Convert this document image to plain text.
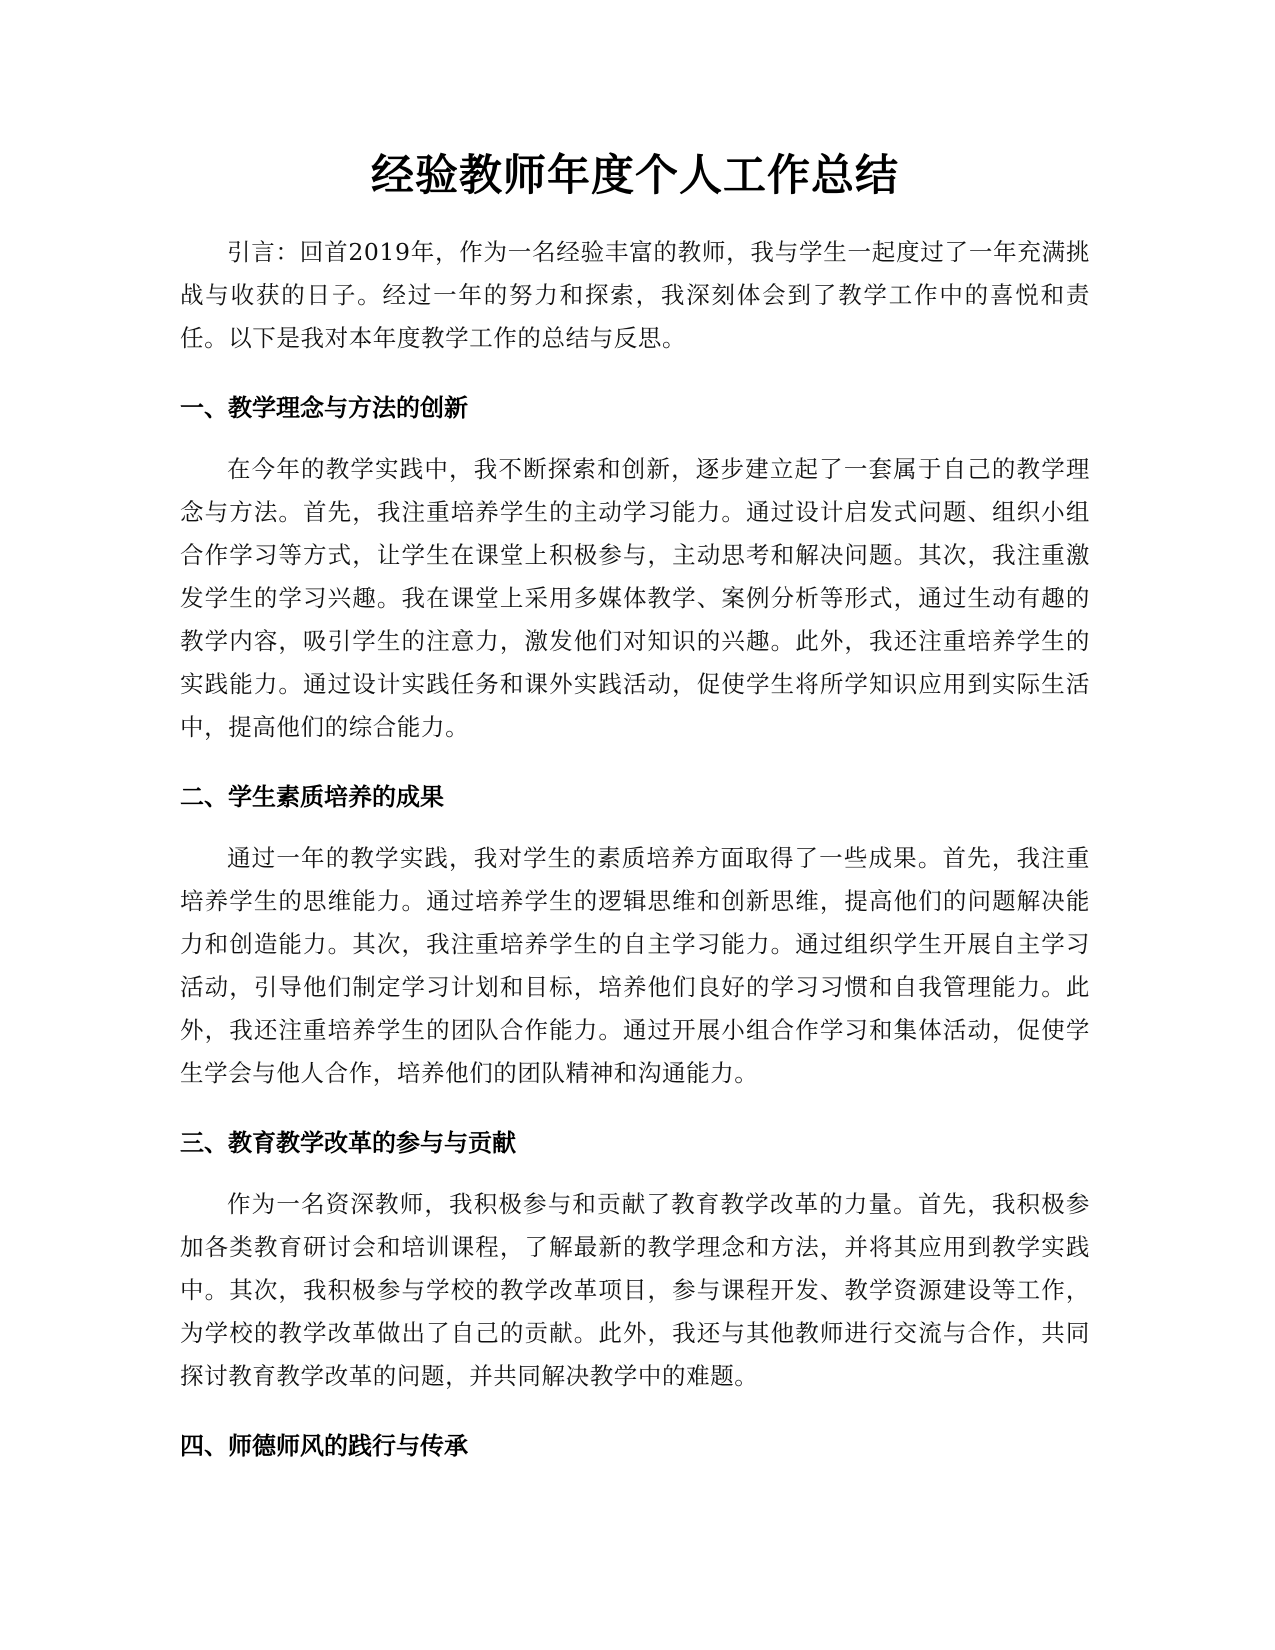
经验教师年度个人工作总结

引言：回首2019年，作为一名经验丰富的教师，我与学生一起度过了一年充满挑战与收获的日子。经过一年的努力和探索，我深刻体会到了教学工作中的喜悦和责任。以下是我对本年度教学工作的总结与反思。

一、教学理念与方法的创新

在今年的教学实践中，我不断探索和创新，逐步建立起了一套属于自己的教学理念与方法。首先，我注重培养学生的主动学习能力。通过设计启发式问题、组织小组合作学习等方式，让学生在课堂上积极参与，主动思考和解决问题。其次，我注重激发学生的学习兴趣。我在课堂上采用多媒体教学、案例分析等形式，通过生动有趣的教学内容，吸引学生的注意力，激发他们对知识的兴趣。此外，我还注重培养学生的实践能力。通过设计实践任务和课外实践活动，促使学生将所学知识应用到实际生活中，提高他们的综合能力。

二、学生素质培养的成果

通过一年的教学实践，我对学生的素质培养方面取得了一些成果。首先，我注重培养学生的思维能力。通过培养学生的逻辑思维和创新思维，提高他们的问题解决能力和创造能力。其次，我注重培养学生的自主学习能力。通过组织学生开展自主学习活动，引导他们制定学习计划和目标，培养他们良好的学习习惯和自我管理能力。此外，我还注重培养学生的团队合作能力。通过开展小组合作学习和集体活动，促使学生学会与他人合作，培养他们的团队精神和沟通能力。

三、教育教学改革的参与与贡献

作为一名资深教师，我积极参与和贡献了教育教学改革的力量。首先，我积极参加各类教育研讨会和培训课程，了解最新的教学理念和方法，并将其应用到教学实践中。其次，我积极参与学校的教学改革项目，参与课程开发、教学资源建设等工作，为学校的教学改革做出了自己的贡献。此外，我还与其他教师进行交流与合作，共同探讨教育教学改革的问题，并共同解决教学中的难题。

四、师德师风的践行与传承
